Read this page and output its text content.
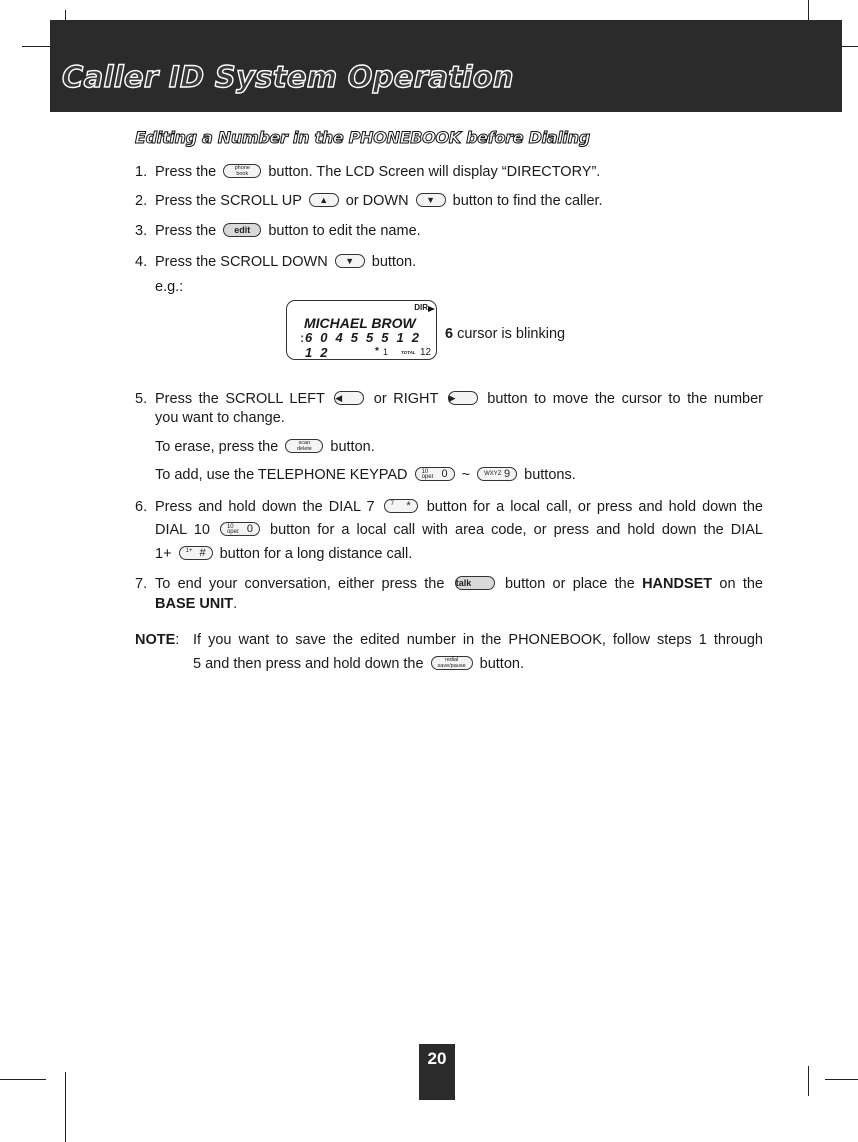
Caller ID System Operation
Editing a Number in the PHONEBOOK before Dialing
1. Press the	phone
book	button. The LCD Screen will display “DIRECTORY”.
2. Press the SCROLL UP ▲ or DOWN ▼ button to find the caller.
3. Press the edit button to edit the name.
4. Press the SCROLL DOWN ▼ button.
e.g.:
DIR
MICHAEL BROW
: 6 0 4 5 5 5 1 2 1 2	* 1	TOTAL 12
6 cursor is blinking
5. Press the SCROLL LEFT ◀ or RIGHT ▶ button to move the cursor to the number
you want to change.
To erase, press the	scan
delete	button.
To add, use the TELEPHONE KEYPAD 10
oper 0 ~ WXYZ 9 buttons.
6. Press and hold down the DIAL 7	7 * button for a local call, or press and hold down the
DIAL 10	10
oper 0 button for a local call with area code, or press and hold down the DIAL
1+ 1+ # button for a long distance call.
7. To end your conversation, either press the talk button or place the HANDSET on the
BASE UNIT.
NOTE: If you want to save the edited number in the PHONEBOOK, follow steps 1 through
5 and then press and hold down the	redial
save/pause button.
20
